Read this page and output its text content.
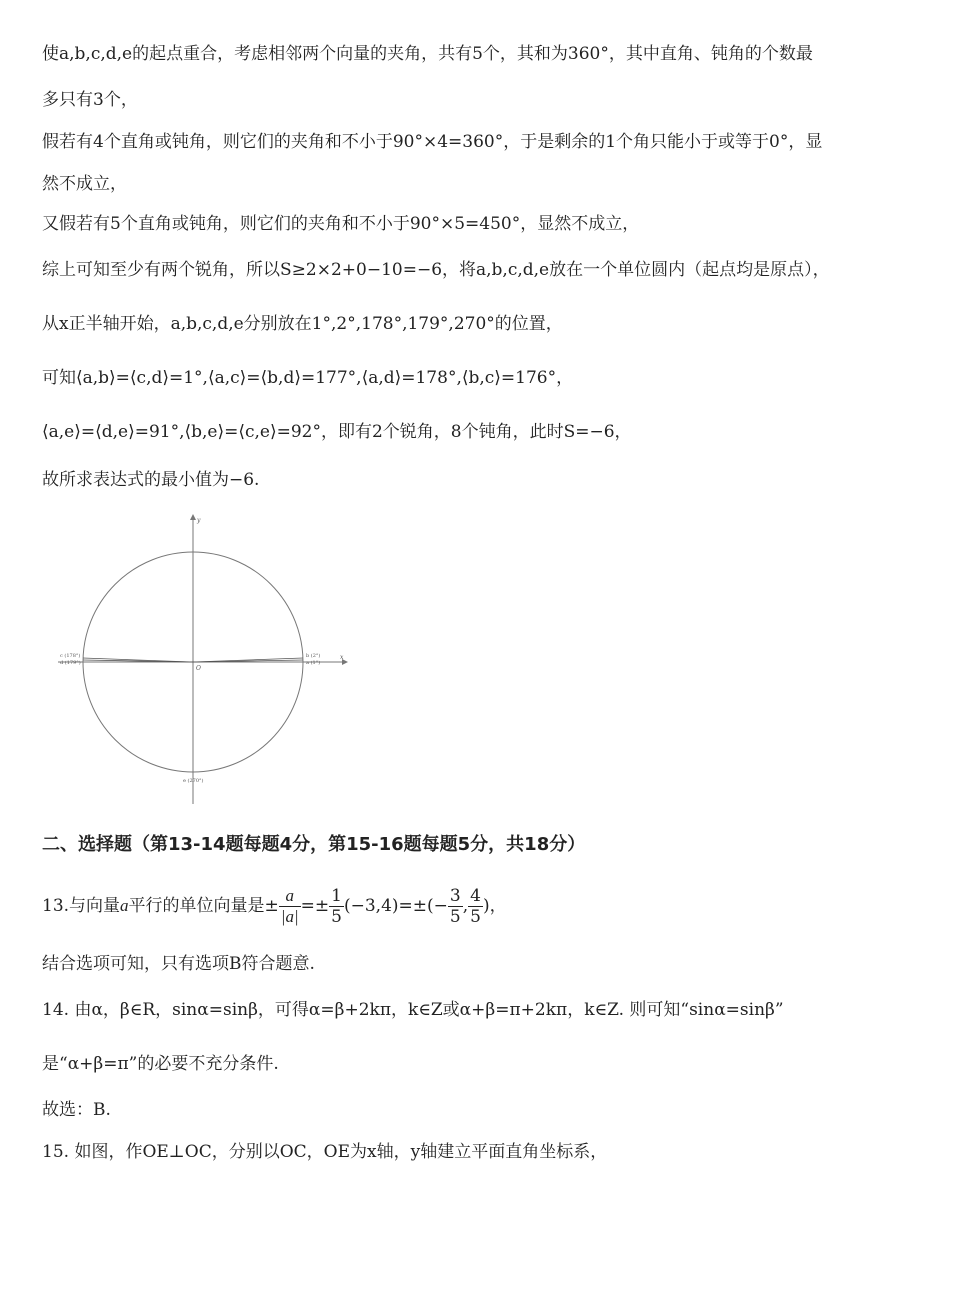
使a,b,c,d,e的起点重合，考虑相邻两个向量的夹角，共有5个，其和为360°，其中直角、钝角的个数最
多只有3个，
假若有4个直角或钝角，则它们的夹角和不小于90°×4=360°，于是剩余的1个角只能小于或等于0°，显
然不成立，
又假若有5个直角或钝角，则它们的夹角和不小于90°×5=450°，显然不成立，
综上可知至少有两个锐角，所以S≥2×2+0−10=−6，将a,b,c,d,e放在一个单位圆内（起点均是原点），
从x正半轴开始，a,b,c,d,e分别放在1°,2°,178°,179°,270°的位置，
可知⟨a,b⟩=⟨c,d⟩=1°,⟨a,c⟩=⟨b,d⟩=177°,⟨a,d⟩=178°,⟨b,c⟩=176°，
⟨a,e⟩=⟨d,e⟩=91°,⟨b,e⟩=⟨c,e⟩=92°，即有2个锐角，8个钝角，此时S=−6，
故所求表达式的最小值为−6.
y
x
O
c (178°)
d (179°)
b (2°)
a (1°)
e (270°)
二、选择题（第13-14题每题4分，第15-16题每题5分，共18分）
13.与向量a平行的单位向量是± $\frac{a}{|a|} =\pm \frac{1}{5} (-3,4)=\pm(- \frac{3}{5}$ , $\frac{4}{5}$ )，
结合选项可知，只有选项B符合题意.
14. 由α，β∈R，sinα=sinβ，可得α=β+2kπ，k∈Z或α+β=π+2kπ，k∈Z. 则可知“sinα=sinβ”
是“α+β=π”的必要不充分条件.
故选：B.
15. 如图，作OE⊥OC，分别以OC，OE为x轴，y轴建立平面直角坐标系，
